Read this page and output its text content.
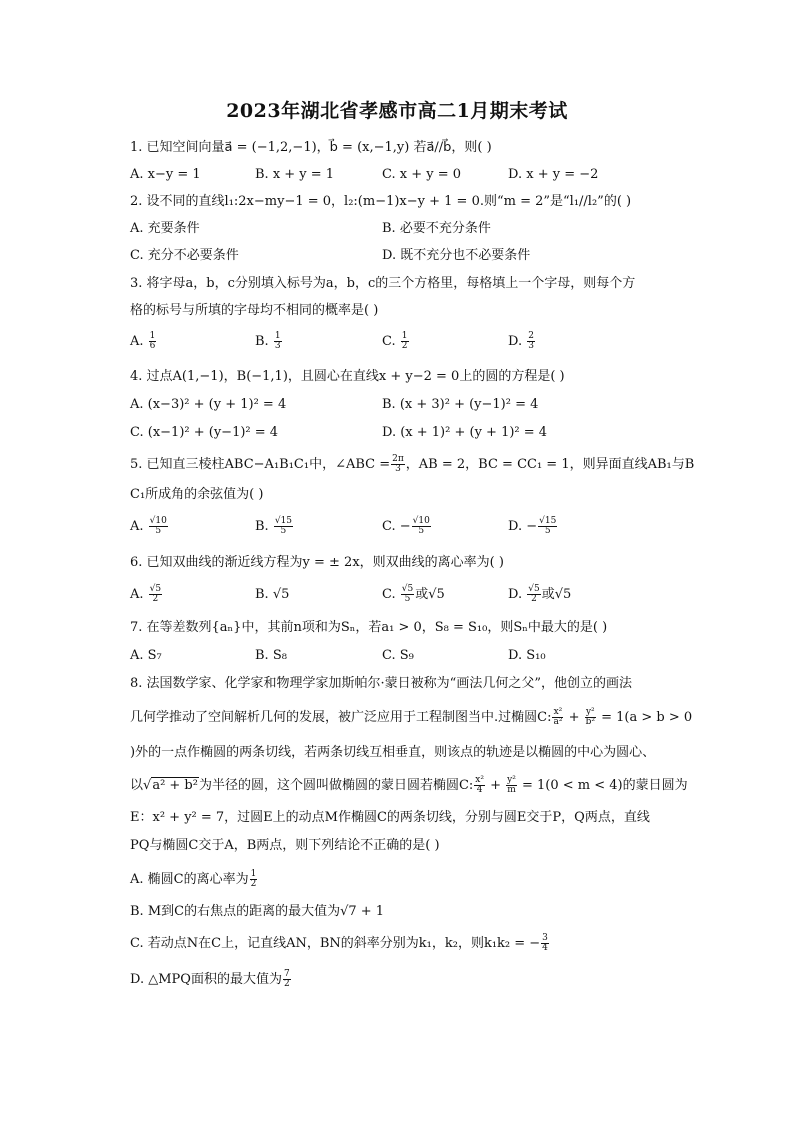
2023年湖北省孝感市高二1月期末考试
1. 已知空间向量a⃗ = (−1,2,−1)，b⃗ = (x,−1,y) 若a⃗//b⃗，则( )
A. x−y = 1	B. x + y = 1	C. x + y = 0	D. x + y = −2
2. 设不同的直线l₁:2x−my−1 = 0，l₂:(m−1)x−y + 1 = 0.则“m = 2”是“l₁//l₂”的( )
A. 充要条件	B. 必要不充分条件
C. 充分不必要条件	D. 既不充分也不必要条件
3. 将字母a，b，c分别填入标号为a，b，c的三个方格里，每格填上一个字母，则每个方
格的标号与所填的字母均不相同的概率是( )
A. $\frac{1}{6}$	B. $\frac{1}{3}$	C. $\frac{1}{2}$	D. $\frac{2}{3}$
4. 过点A(1,−1)，B(−1,1)，且圆心在直线x + y−2 = 0上的圆的方程是( )
A. (x−3)² + (y + 1)² = 4	B. (x + 3)² + (y−1)² = 4
C. (x−1)² + (y−1)² = 4	D. (x + 1)² + (y + 1)² = 4
5. 已知直三棱柱ABC−A₁B₁C₁中，∠ABC = $\frac{2\pi}{3}$ ，AB = 2，BC = CC₁ = 1，则异面直线AB₁与B
C₁所成角的余弦值为( )
A. $\frac{√10}{5}$	B. $\frac{√15}{5}$	C. − $\frac{√10}{5}$	D. − $\frac{√15}{5}$
6. 已知双曲线的渐近线方程为y = ± 2x，则双曲线的离心率为( )
A. $\frac{√5}{2}$	B. √5	C. $\frac{√5}{5}$ 或√5	D. $\frac{√5}{2}$ 或√5
7. 在等差数列{aₙ}中，其前n项和为Sₙ，若a₁ > 0，S₈ = S₁₀，则Sₙ中最大的是( )
A. S₇	B. S₈	C. S₉	D. S₁₀
8. 法国数学家、化学家和物理学家加斯帕尔·蒙日被称为“画法几何之父”，他创立的画法
几何学推动了空间解析几何的发展，被广泛应用于工程制图当中.过椭圆C: $\frac{\text{x²}}{\text{a²}} + \frac{\text{y²}}{\text{b²}} = 1(a > b > 0$
)外的一点作椭圆的两条切线，若两条切线互相垂直，则该点的轨迹是以椭圆的中心为圆心、
以√a² + b²为半径的圆，这个圆叫做椭圆的蒙日圆若椭圆C: $\frac{\text{x²}}{4} + \frac{\text{y²}}{m} = 1(0 < m < 4)$的蒙日圆为
E：x² + y² = 7，过圆E上的动点M作椭圆C的两条切线，分别与圆E交于P，Q两点，直线
PQ与椭圆C交于A，B两点，则下列结论不正确的是( )
A. 椭圆C的离心率为 $\frac{1}{2}$
B. M到C的右焦点的距离的最大值为√7 + 1
C. 若动点N在C上，记直线AN，BN的斜率分别为k₁，k₂，则k₁k₂ = − $\frac{3}{4}$
D. △MPQ面积的最大值为 $\frac{7}{2}$
